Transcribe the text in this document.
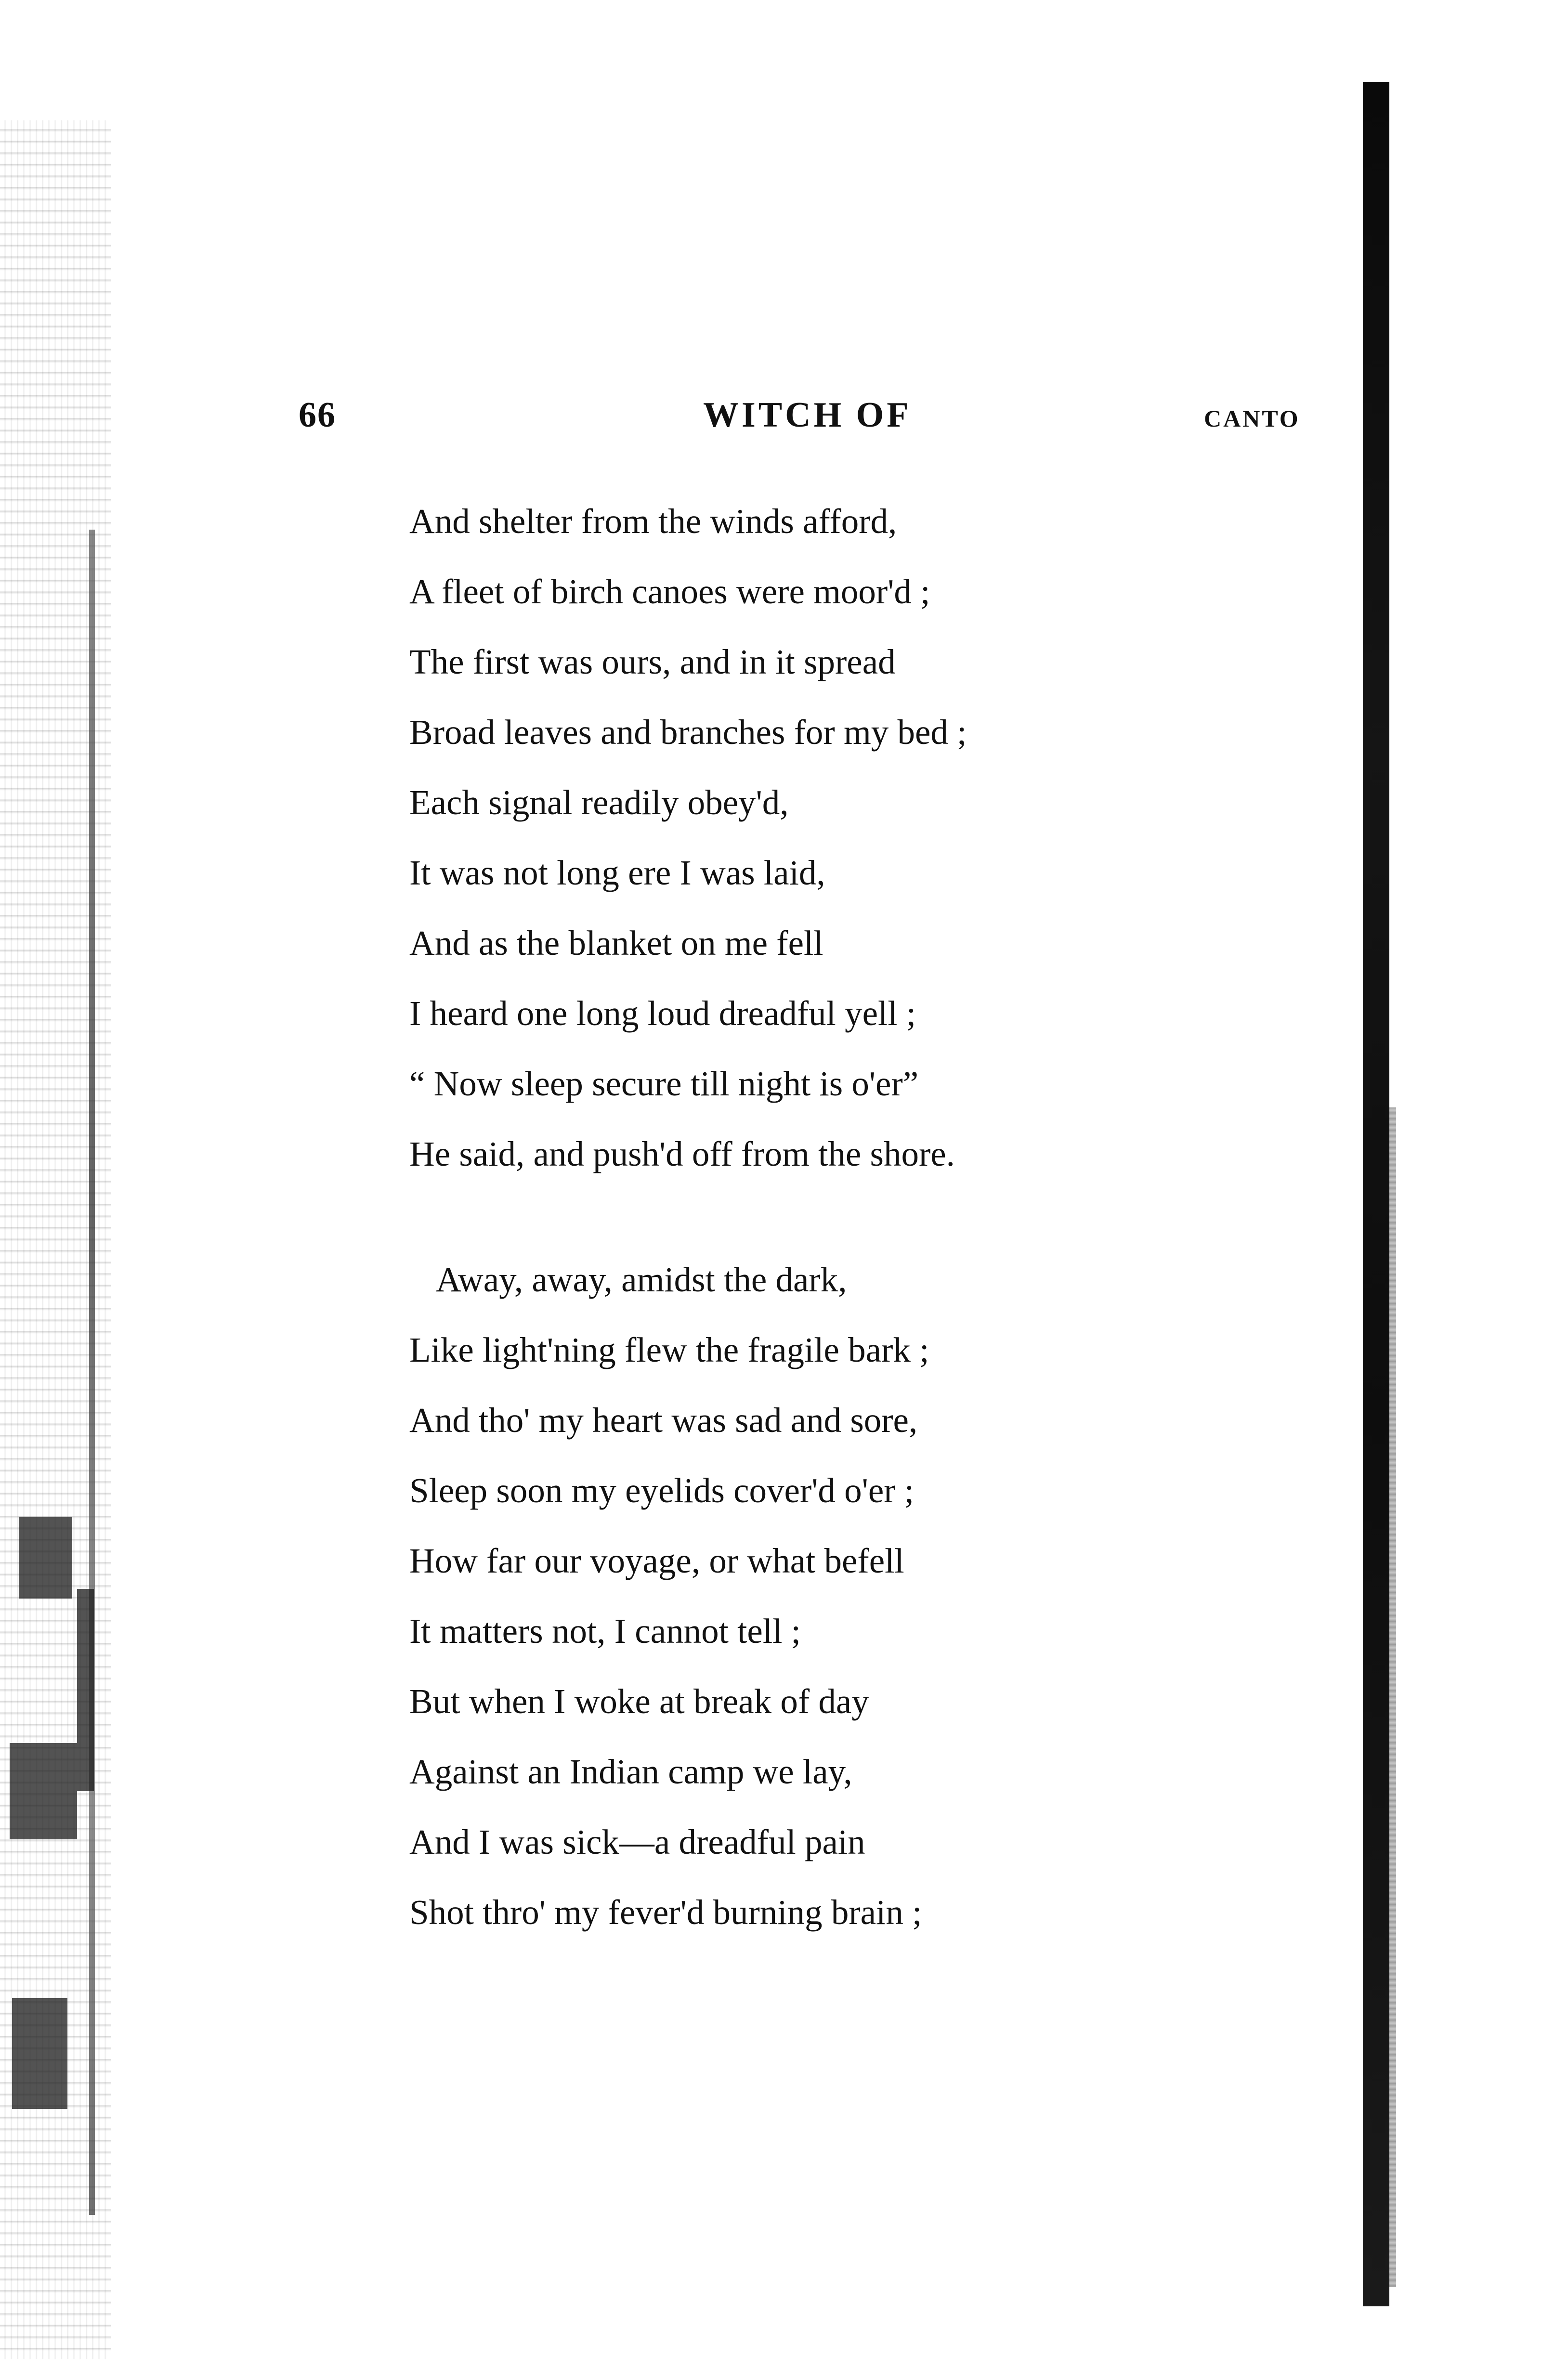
66	WITCH OF	CANTO
And shelter from the winds afford,
A fleet of birch canoes were moor'd ;
The first was ours, and in it spread
Broad leaves and branches for my bed ;
Each signal readily obey'd,
It was not long ere I was laid,
And as the blanket on me fell
I heard one long loud dreadful yell ;
“ Now sleep secure till night is o'er”
He said, and push'd off from the shore.
Away, away, amidst the dark,
Like light'ning flew the fragile bark ;
And tho' my heart was sad and sore,
Sleep soon my eyelids cover'd o'er ;
How far our voyage, or what befell
It matters not, I cannot tell ;
But when I woke at break of day
Against an Indian camp we lay,
And I was sick—a dreadful pain
Shot thro' my fever'd burning brain ;
